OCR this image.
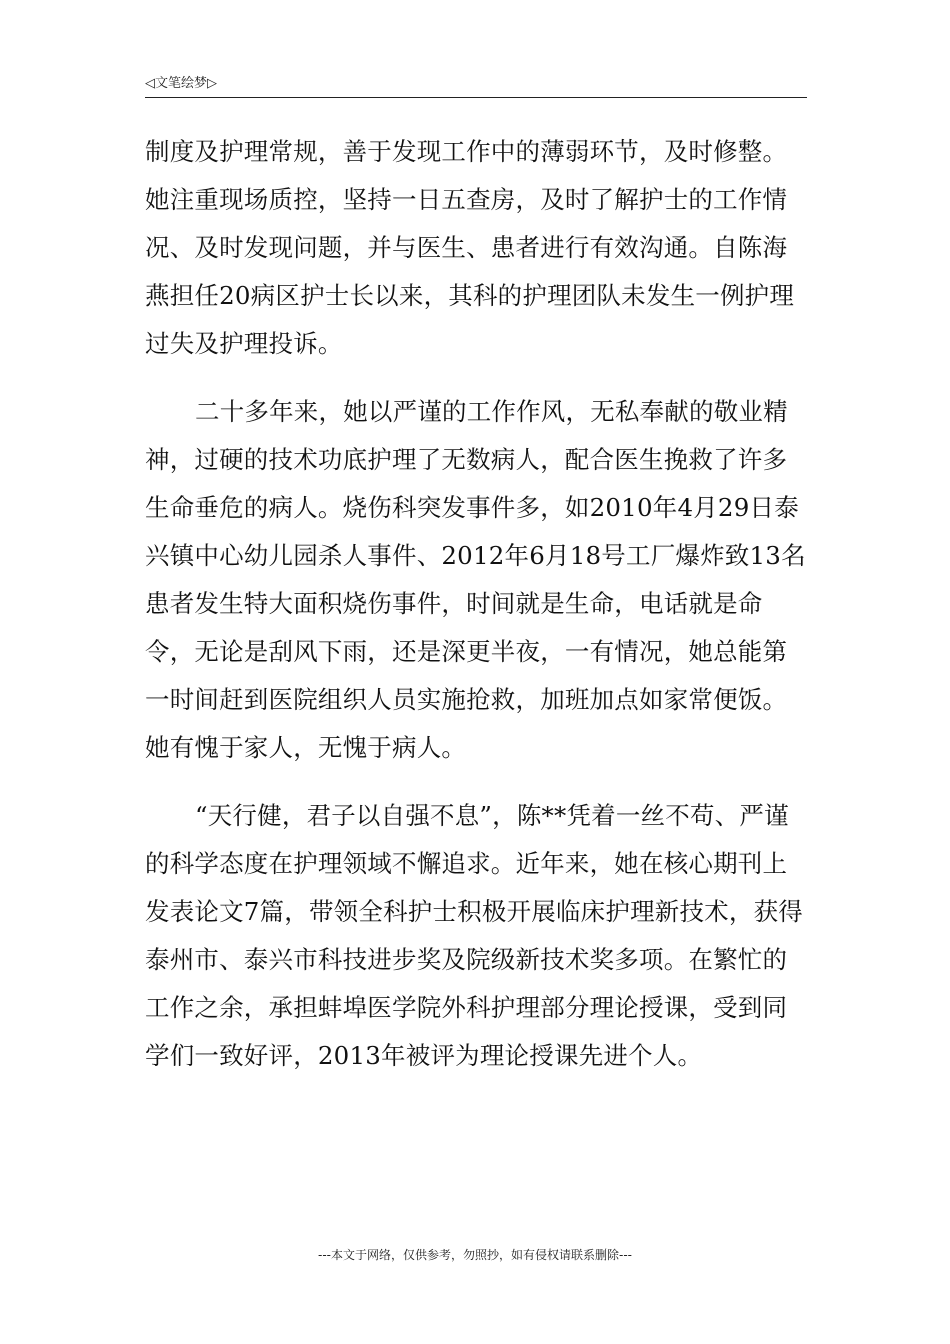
◁文笔绘梦▷

制度及护理常规，善于发现工作中的薄弱环节，及时修整。她注重现场质控，坚持一日五查房，及时了解护士的工作情况、及时发现问题，并与医生、患者进行有效沟通。自陈海燕担任20病区护士长以来，其科的护理团队未发生一例护理过失及护理投诉。

二十多年来，她以严谨的工作作风，无私奉献的敬业精神，过硬的技术功底护理了无数病人，配合医生挽救了许多生命垂危的病人。烧伤科突发事件多，如2010年4月29日泰兴镇中心幼儿园杀人事件、2012年6月18号工厂爆炸致13名患者发生特大面积烧伤事件，时间就是生命，电话就是命令，无论是刮风下雨，还是深更半夜，一有情况，她总能第一时间赶到医院组织人员实施抢救，加班加点如家常便饭。她有愧于家人，无愧于病人。

“天行健，君子以自强不息”，陈**凭着一丝不苟、严谨的科学态度在护理领域不懈追求。近年来，她在核心期刊上发表论文7篇，带领全科护士积极开展临床护理新技术，获得泰州市、泰兴市科技进步奖及院级新技术奖多项。在繁忙的工作之余，承担蚌埠医学院外科护理部分理论授课，受到同学们一致好评，2013年被评为理论授课先进个人。

---本文于网络，仅供参考，勿照抄，如有侵权请联系删除---
